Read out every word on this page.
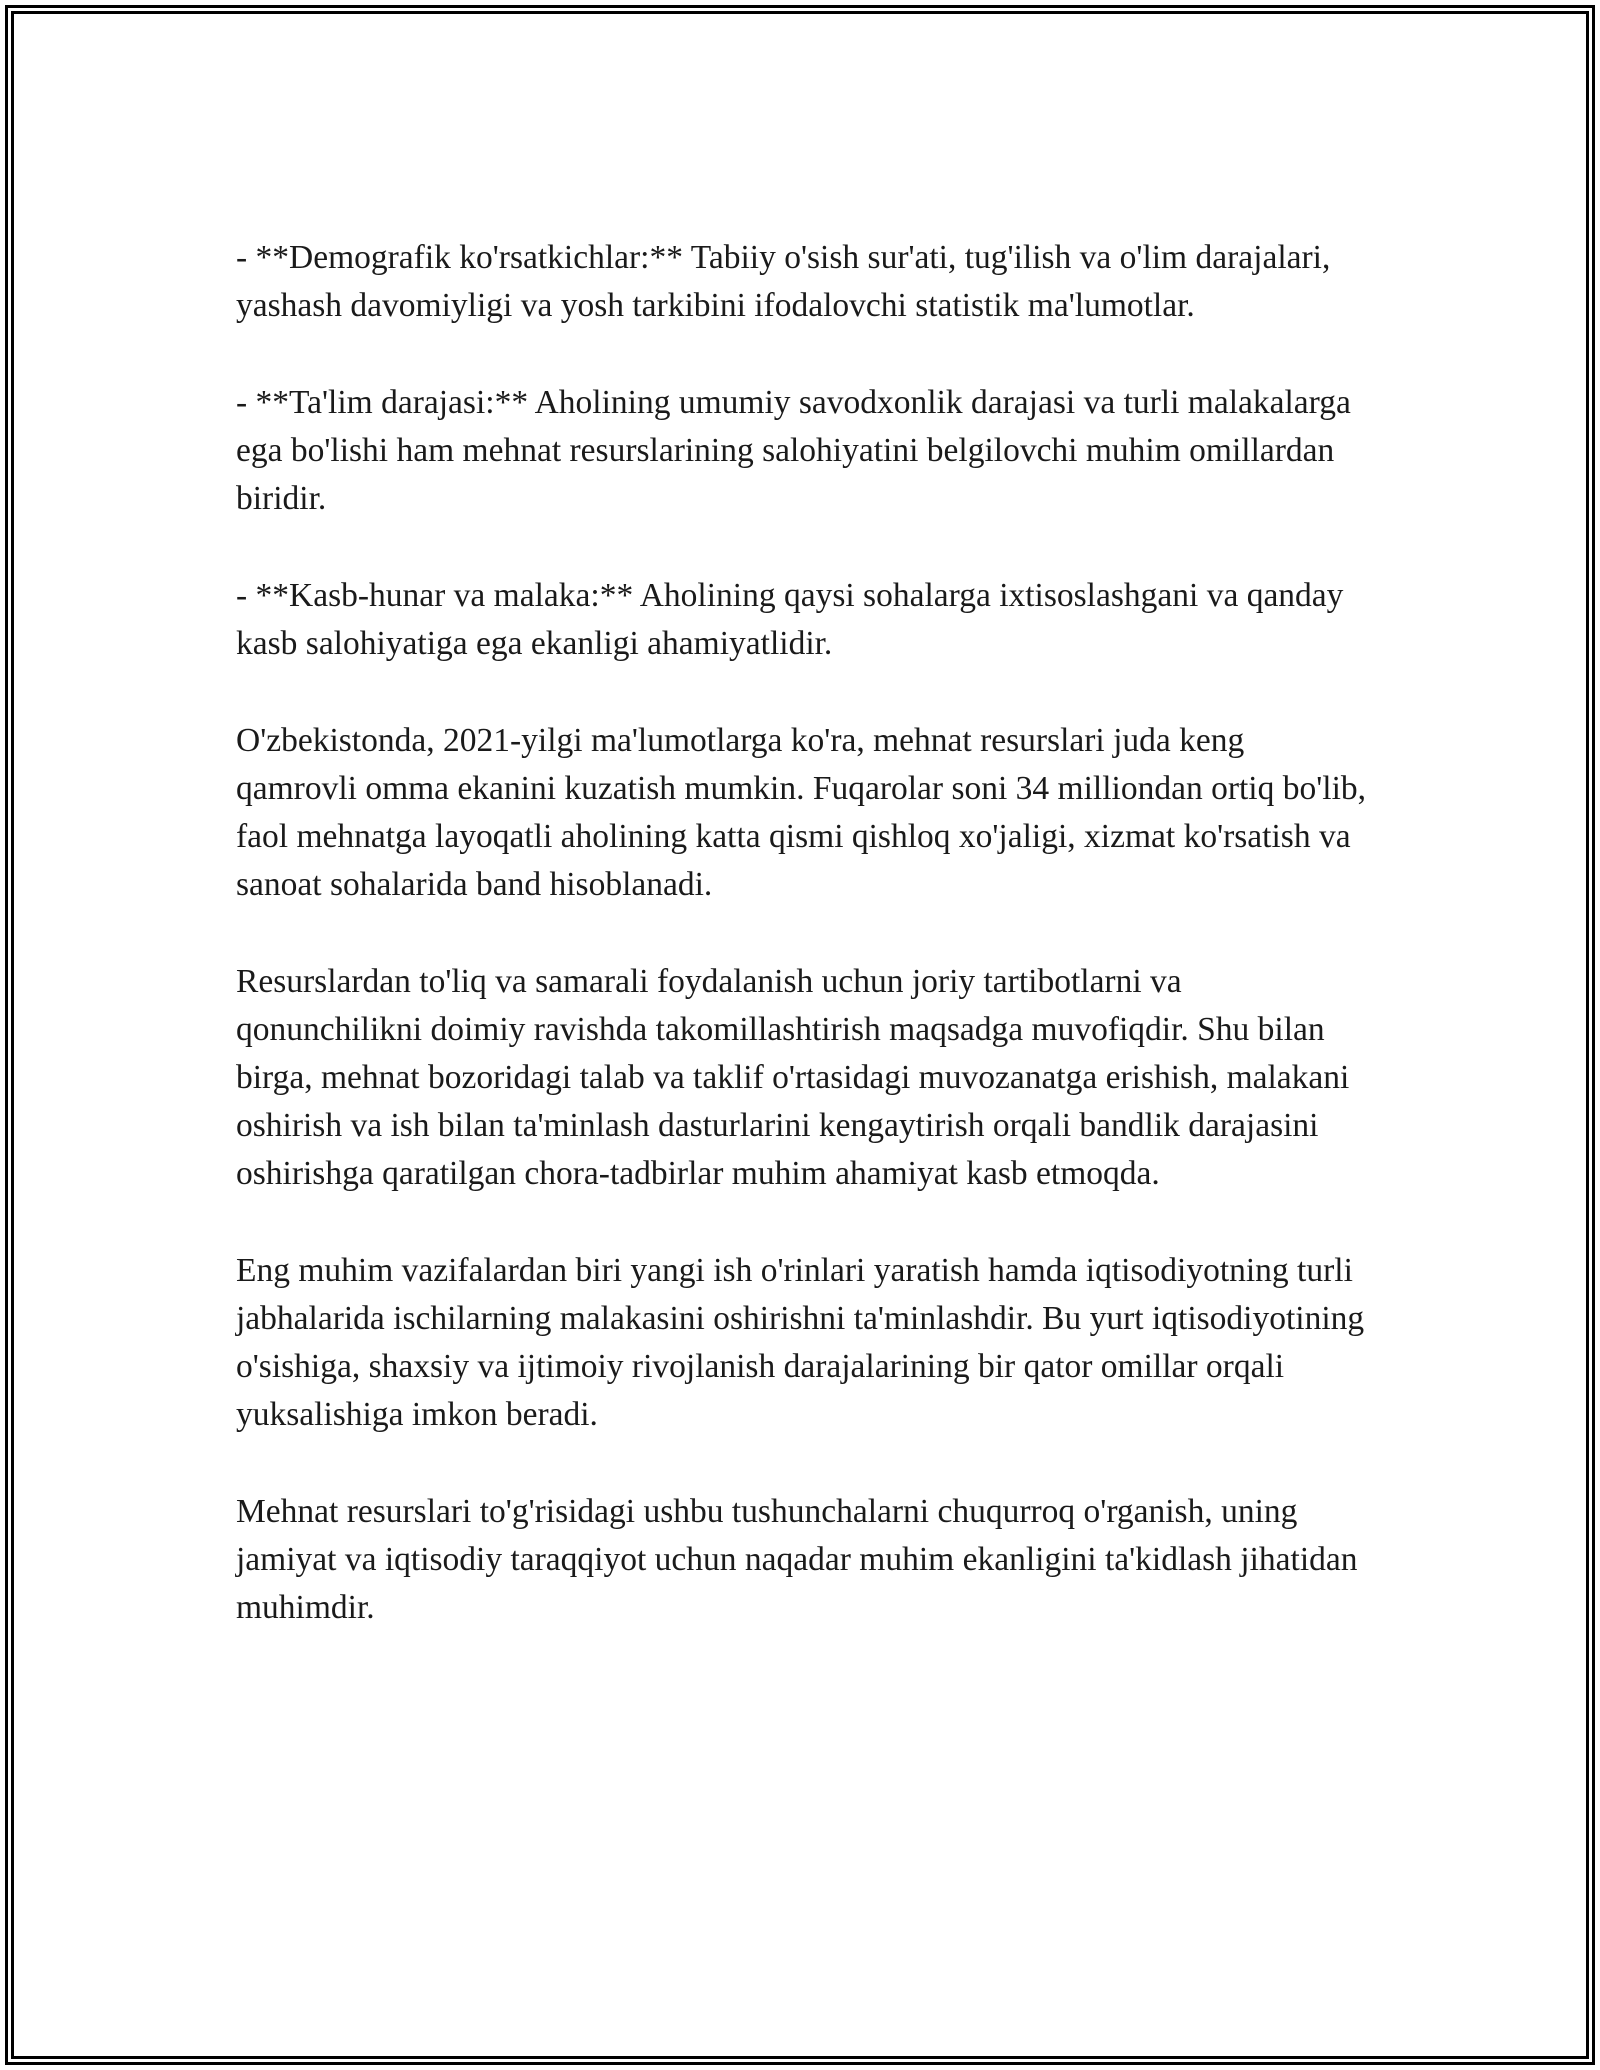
- **Demografik ko'rsatkichlar:** Tabiiy o'sish sur'ati, tug'ilish va o'lim darajalari, yashash davomiyligi va yosh tarkibini ifodalovchi statistik ma'lumotlar.

- **Ta'lim darajasi:** Aholining umumiy savodxonlik darajasi va turli malakalarga ega bo'lishi ham mehnat resurslarining salohiyatini belgilovchi muhim omillardan biridir.

- **Kasb-hunar va malaka:** Aholining qaysi sohalarga ixtisoslashgani va qanday kasb salohiyatiga ega ekanligi ahamiyatlidir.

O'zbekistonda, 2021-yilgi ma'lumotlarga ko'ra, mehnat resurslari juda keng qamrovli omma ekanini kuzatish mumkin. Fuqarolar soni 34 milliondan ortiq bo'lib, faol mehnatga layoqatli aholining katta qismi qishloq xo'jaligi, xizmat ko'rsatish va sanoat sohalarida band hisoblanadi.

Resurslardan to'liq va samarali foydalanish uchun joriy tartibotlarni va qonunchilikni doimiy ravishda takomillashtirish maqsadga muvofiqdir. Shu bilan birga, mehnat bozoridagi talab va taklif o'rtasidagi muvozanatga erishish, malakani oshirish va ish bilan ta'minlash dasturlarini kengaytirish orqali bandlik darajasini oshirishga qaratilgan chora-tadbirlar muhim ahamiyat kasb etmoqda.

Eng muhim vazifalardan biri yangi ish o'rinlari yaratish hamda iqtisodiyotning turli jabhalarida ischilarning malakasini oshirishni ta'minlashdir. Bu yurt iqtisodiyotining o'sishiga, shaxsiy va ijtimoiy rivojlanish darajalarining bir qator omillar orqali yuksalishiga imkon beradi.

Mehnat resurslari to'g'risidagi ushbu tushunchalarni chuqurroq o'rganish, uning jamiyat va iqtisodiy taraqqiyot uchun naqadar muhim ekanligini ta'kidlash jihatidan muhimdir.
